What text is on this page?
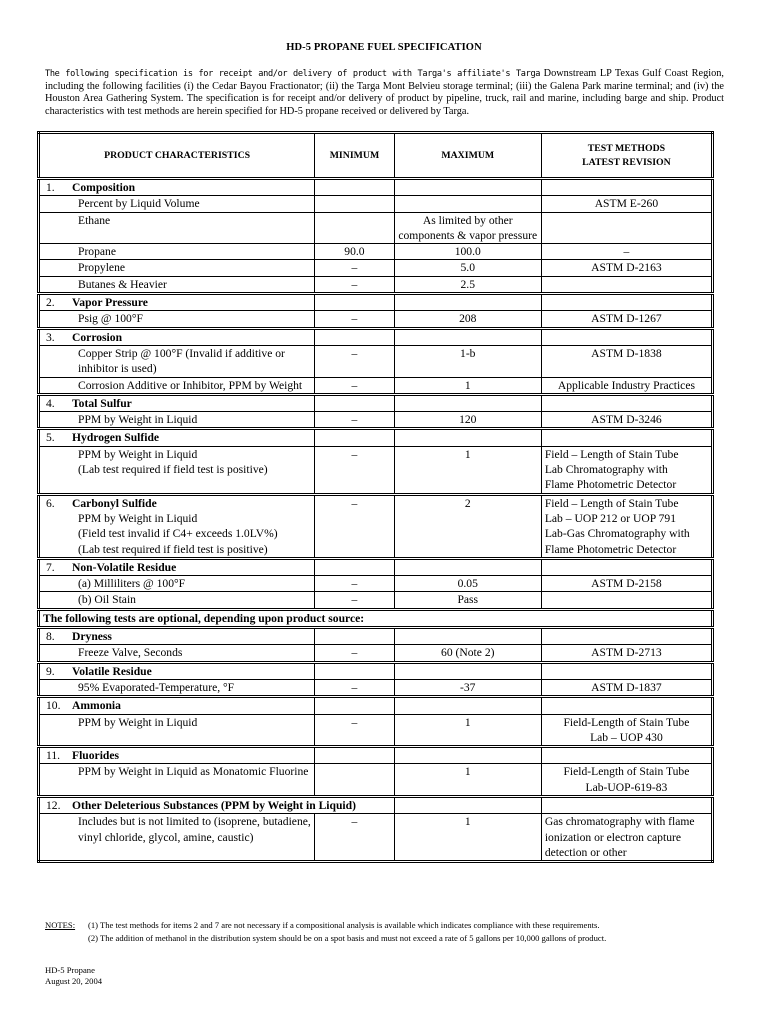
HD-5 PROPANE FUEL SPECIFICATION
The following specification is for receipt and/or delivery of product with Targa's affiliate's Targa Downstream LP Texas Gulf Coast Region, including the following facilities (i) the Cedar Bayou Fractionator; (ii) the Targa Mont Belvieu storage terminal; (iii) the Galena Park marine terminal; and (iv) the Houston Area Gathering System. The specification is for receipt and/or delivery of product by pipeline, truck, rail and marine, including barge and ship. Product characteristics with test methods are herein specified for HD-5 propane received or delivered by Targa.
PRODUCT CHARACTERISTICS	MINIMUM	MAXIMUM	TEST METHODS
LATEST REVISION
1. Composition			
Percent by Liquid Volume			ASTM E-260
Ethane		As limited by other components & vapor pressure	
Propane	90.0	100.0	–
Propylene	–	5.0	ASTM D-2163
Butanes & Heavier	–	2.5	
2. Vapor Pressure			
Psig @ 100°F	–	208	ASTM D-1267
3. Corrosion			
Copper Strip @ 100°F (Invalid if additive or inhibitor is used)	–	1-b	ASTM D-1838
Corrosion Additive or Inhibitor, PPM by Weight	–	1	Applicable Industry Practices
4. Total Sulfur			
PPM by Weight in Liquid	–	120	ASTM D-3246
5. Hydrogen Sulfide			
PPM by Weight in Liquid
(Lab test required if field test is positive)	–	1	Field – Length of Stain Tube
Lab Chromatography with
Flame Photometric Detector
6. Carbonyl Sulfide
PPM by Weight in Liquid
(Field test invalid if C4+ exceeds 1.0LV%)
(Lab test required if field test is positive)	–	2	Field – Length of Stain Tube
Lab – UOP 212 or UOP 791
Lab-Gas Chromatography with
Flame Photometric Detector
7. Non-Volatile Residue			
(a) Milliliters @ 100°F	–	0.05	ASTM D-2158
(b) Oil Stain	–	Pass	
The following tests are optional, depending upon product source:			
8. Dryness			
Freeze Valve, Seconds	–	60 (Note 2)	ASTM D-2713
9. Volatile Residue			
95% Evaporated-Temperature, °F	–	-37	ASTM D-1837
10. Ammonia			
PPM by Weight in Liquid	–	1	Field-Length of Stain Tube
Lab – UOP 430
11. Fluorides			
PPM by Weight in Liquid as Monatomic Fluorine		1	Field-Length of Stain Tube
Lab-UOP-619-83
12. Other Deleterious Substances (PPM by Weight in Liquid)			
Includes but is not limited to (isoprene, butadiene, vinyl chloride, glycol, amine, caustic)	–	1	Gas chromatography with flame ionization or electron capture detection or other
NOTES: (1) The test methods for items 2 and 7 are not necessary if a compositional analysis is available which indicates compliance with these requirements.
(2) The addition of methanol in the distribution system should be on a spot basis and must not exceed a rate of 5 gallons per 10,000 gallons of product.
HD-5 Propane
August 20, 2004
